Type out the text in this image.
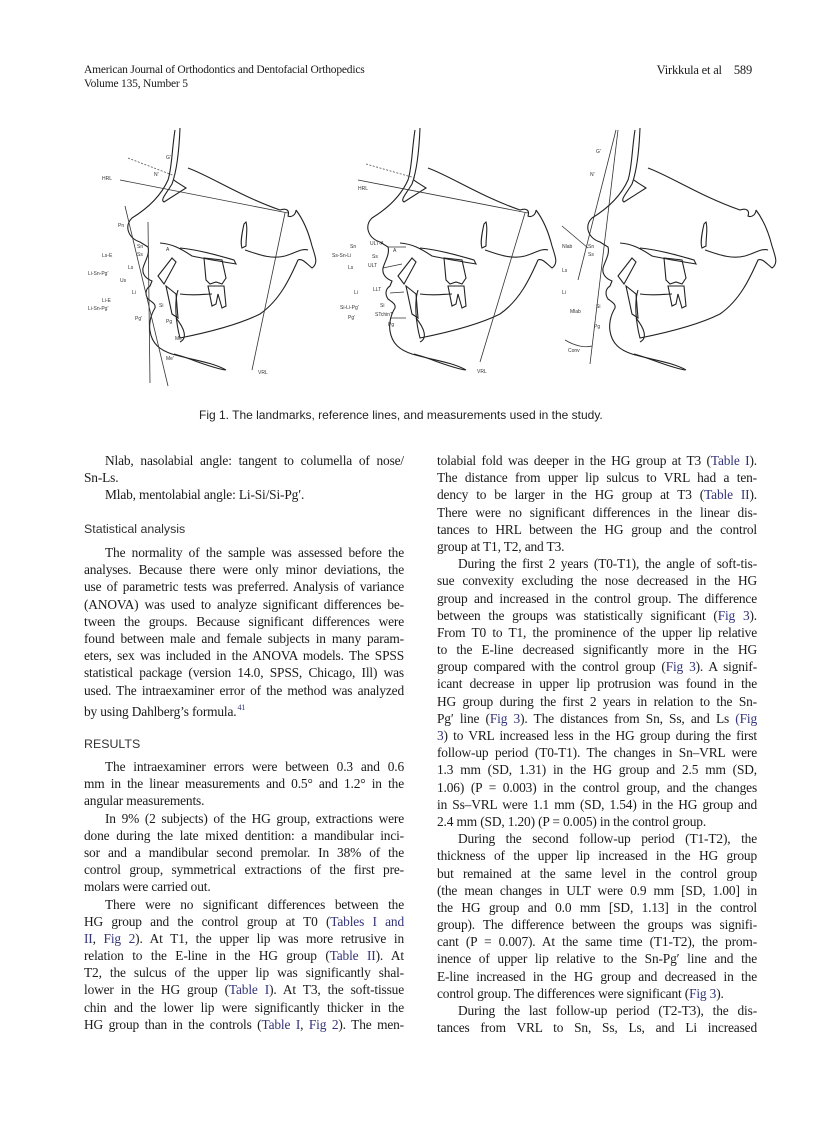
American Journal of Orthodontics and Dentofacial Orthopedics
Volume 135, Number 5
Virkkula et al 589
G'
N'
HRL
Pn
Sn
Ss
A
Ls-E
Ls
Li-Sn-Pg'
Us
Li
Li-E
Li-Sn-Pg'	Si
Pg'	Pg
Me
Me'
VRL
HRL
Sn	ULT-A
A
Ss-Sn-Li	Ss
Ls	ULT
Li	LLT
Si-Li-Pg'	Si
Pg'	STchinT
Pg
VRL
G'
N'
Nlab	Sn
Ss
Ls
Li
Mlab
Si
Pg
Conv
Fig 1. The landmarks, reference lines, and measurements used in the study.
Nlab, nasolabial angle: tangent to columella of nose/
Sn-Ls.
Mlab, mentolabial angle: Li-Si/Si-Pg′.
Statistical analysis
The normality of the sample was assessed before the
analyses. Because there were only minor deviations, the
use of parametric tests was preferred. Analysis of variance
(ANOVA) was used to analyze significant differences be-
tween the groups. Because significant differences were
found between male and female subjects in many param-
eters, sex was included in the ANOVA models. The SPSS
statistical package (version 14.0, SPSS, Chicago, Ill) was
used. The intraexaminer error of the method was analyzed
by using Dahlberg’s formula.$^{41}$
RESULTS
The intraexaminer errors were between 0.3 and 0.6
mm in the linear measurements and 0.5° and 1.2° in the
angular measurements.
In 9% (2 subjects) of the HG group, extractions were
done during the late mixed dentition: a mandibular inci-
sor and a mandibular second premolar. In 38% of the
control group, symmetrical extractions of the first pre-
molars were carried out.
There were no significant differences between the
HG group and the control group at T0 (Tables I and
II, Fig 2). At T1, the upper lip was more retrusive in
relation to the E-line in the HG group (Table II). At
T2, the sulcus of the upper lip was significantly shal-
lower in the HG group (Table I). At T3, the soft-tissue
chin and the lower lip were significantly thicker in the
HG group than in the controls (Table I, Fig 2). The men-
tolabial fold was deeper in the HG group at T3 (Table I).
The distance from upper lip sulcus to VRL had a ten-
dency to be larger in the HG group at T3 (Table II).
There were no significant differences in the linear dis-
tances to HRL between the HG group and the control
group at T1, T2, and T3.
During the first 2 years (T0-T1), the angle of soft-tis-
sue convexity excluding the nose decreased in the HG
group and increased in the control group. The difference
between the groups was statistically significant (Fig 3).
From T0 to T1, the prominence of the upper lip relative
to the E-line decreased significantly more in the HG
group compared with the control group (Fig 3). A signif-
icant decrease in upper lip protrusion was found in the
HG group during the first 2 years in relation to the Sn-
Pg′ line (Fig 3). The distances from Sn, Ss, and Ls (Fig
3) to VRL increased less in the HG group during the first
follow-up period (T0-T1). The changes in Sn–VRL were
1.3 mm (SD, 1.31) in the HG group and 2.5 mm (SD,
1.06) (P = 0.003) in the control group, and the changes
in Ss–VRL were 1.1 mm (SD, 1.54) in the HG group and
2.4 mm (SD, 1.20) (P = 0.005) in the control group.
During the second follow-up period (T1-T2), the
thickness of the upper lip increased in the HG group
but remained at the same level in the control group
(the mean changes in ULT were 0.9 mm [SD, 1.00] in
the HG group and 0.0 mm [SD, 1.13] in the control
group). The difference between the groups was signifi-
cant (P = 0.007). At the same time (T1-T2), the prom-
inence of upper lip relative to the Sn-Pg′ line and the
E-line increased in the HG group and decreased in the
control group. The differences were significant (Fig 3).
During the last follow-up period (T2-T3), the dis-
tances from VRL to Sn, Ss, Ls, and Li increased
